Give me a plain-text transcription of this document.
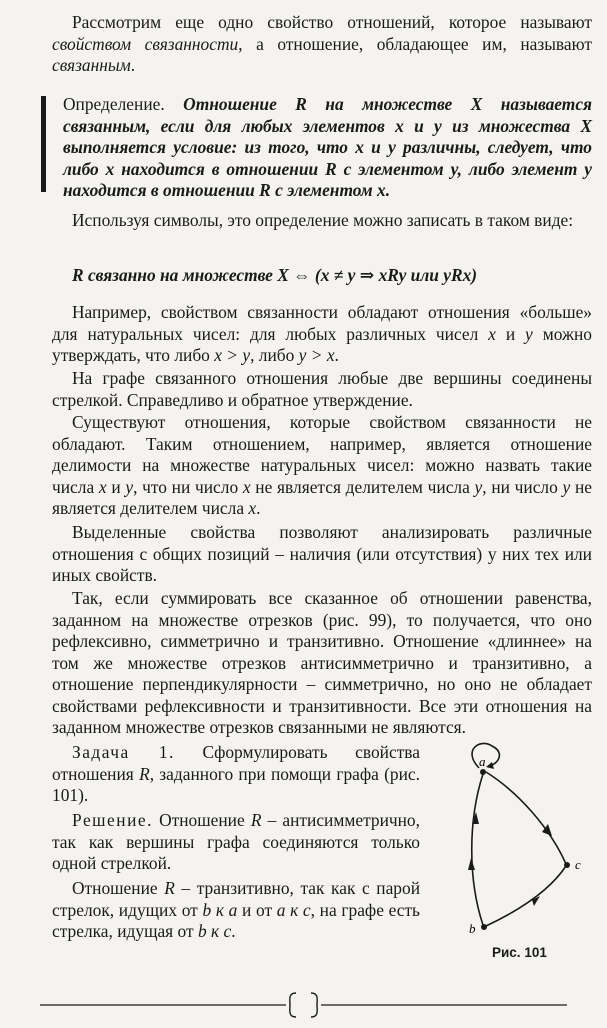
Рассмотрим еще одно свойство отношений, которое называют свойством связанности, а отношение, обладающее им, называют связанным.

Определение. Отношение R на множестве X называется связанным, если для любых элементов x и y из множества X выполняется условие: из того, что x и y различны, следует, что либо x находится в отношении R с элементом y, либо элемент y находится в отношении R с элементом x.

Используя символы, это определение можно записать в таком виде:

R связанно на множестве X ⇔ (x ≠ y ⇒ xRy или yRx)

Например, свойством связанности обладают отношения «больше» для натуральных чисел: для любых различных чисел x и y можно утверждать, что либо x > y, либо y > x.

На графе связанного отношения любые две вершины соединены стрелкой. Справедливо и обратное утверждение.

Существуют отношения, которые свойством связанности не обладают. Таким отношением, например, является отношение делимости на множестве натуральных чисел: можно назвать такие числа x и y, что ни число x не является делителем числа y, ни число y не является делителем числа x.

Выделенные свойства позволяют анализировать различные отношения с общих позиций – наличия (или отсутствия) у них тех или иных свойств.

Так, если суммировать все сказанное об отношении равенства, заданном на множестве отрезков (рис. 99), то получается, что оно рефлексивно, симметрично и транзитивно. Отношение «длиннее» на том же множестве отрезков антисимметрично и транзитивно, а отношение перпендикулярности – симметрично, но оно не обладает свойствами рефлексивности и транзитивности. Все эти отношения на заданном множестве отрезков связанными не являются.

Задача 1. Сформулировать свойства отношения R, заданного при помощи графа (рис. 101).

Решение. Отношение R – антисимметрично, так как вершины графа соединяются только одной стрелкой.

Отношение R – транзитивно, так как с парой стрелок, идущих от b к а и от а к с, на графе есть стрелка, идущая от b к с.

a
c
b
Рис. 101
